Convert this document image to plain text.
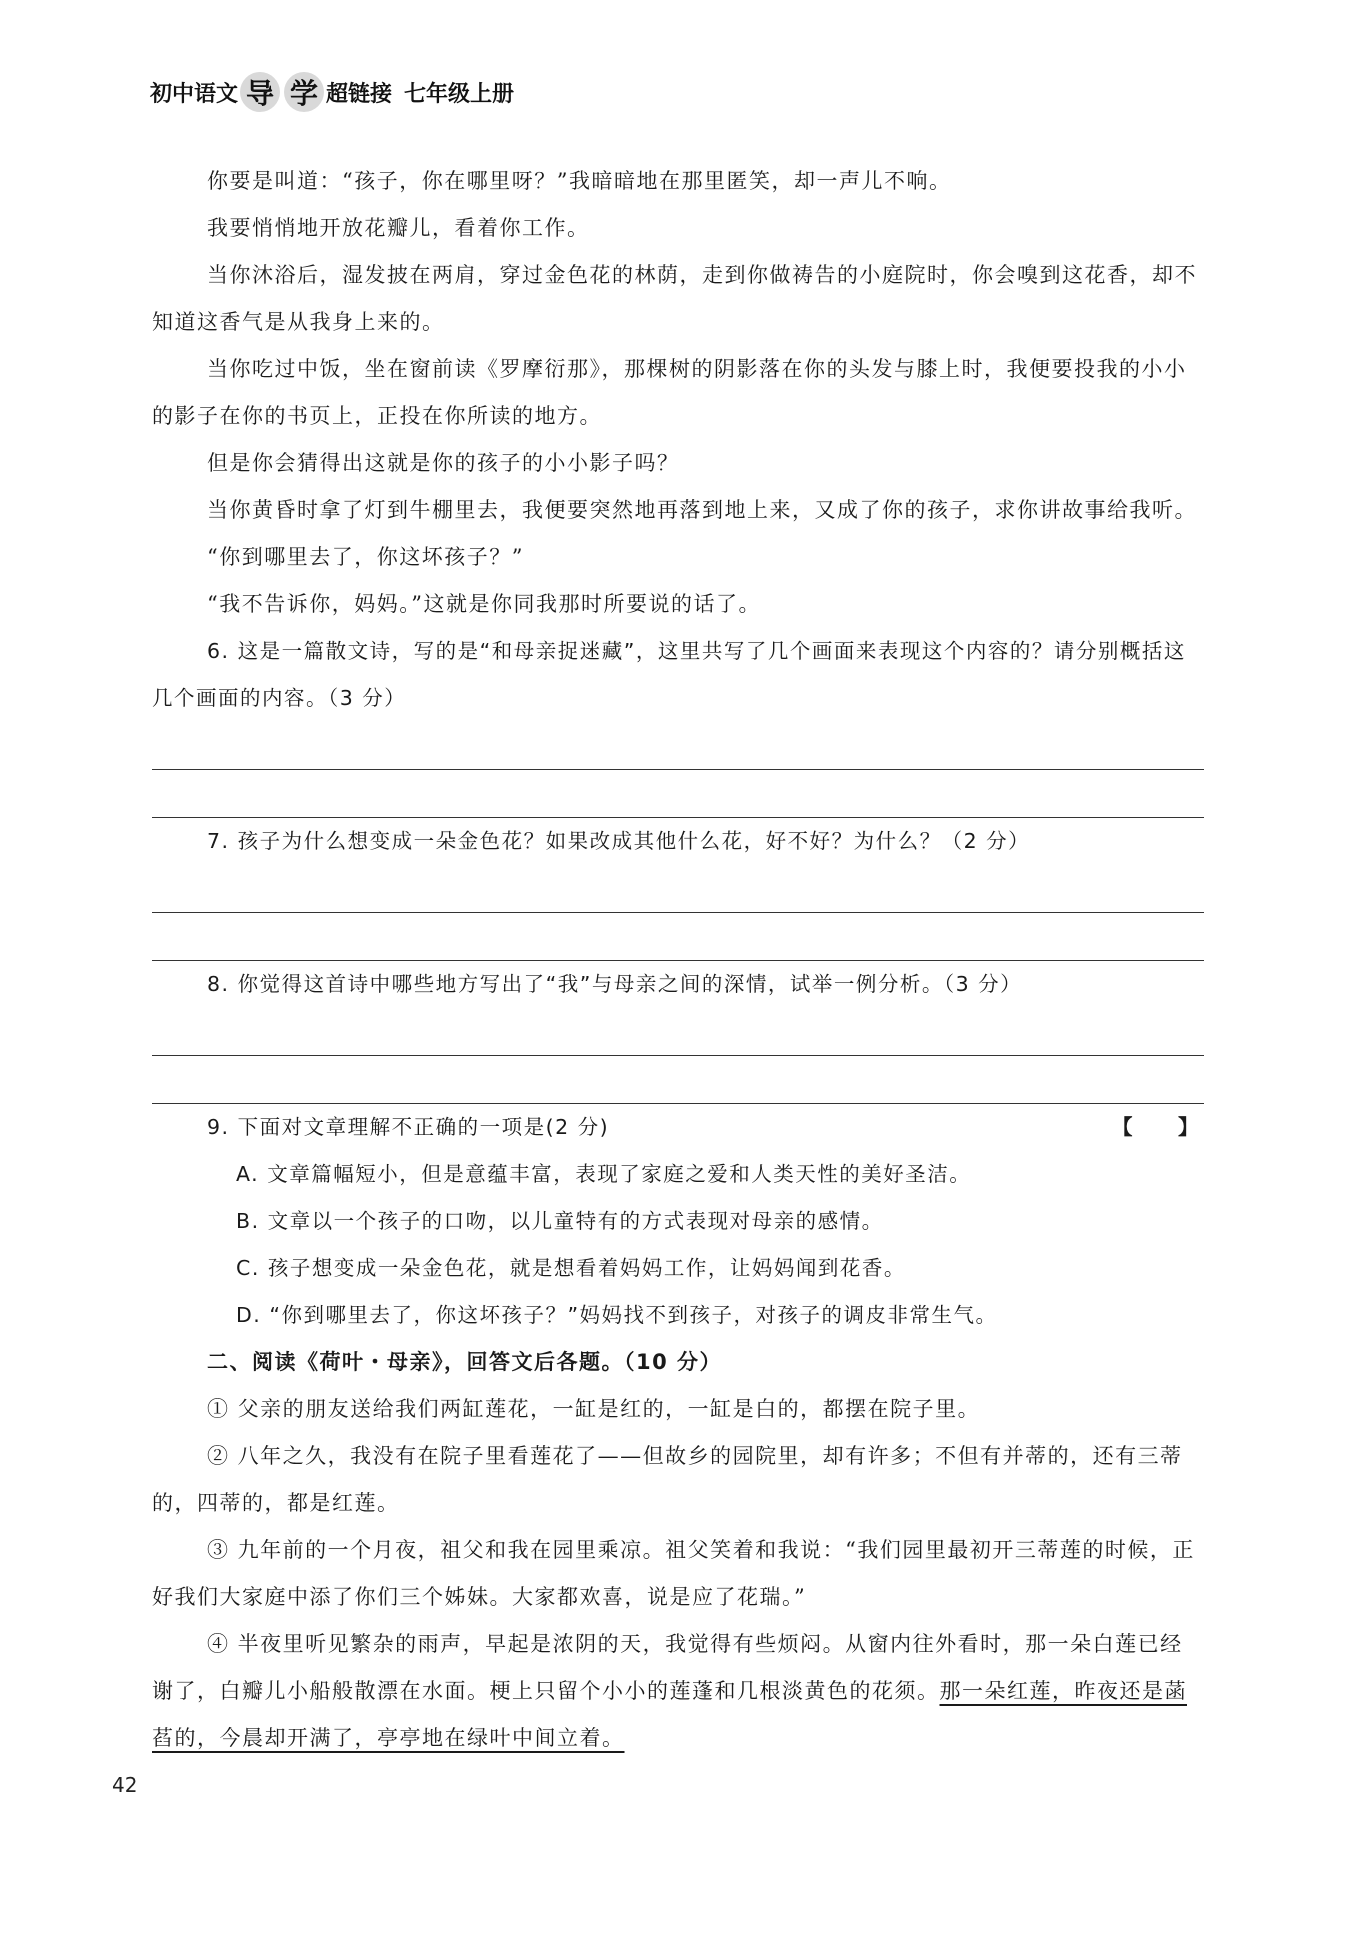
初中语文 导 学 超链接 七年级上册

你要是叫道：“孩子，你在哪里呀？”我暗暗地在那里匿笑，却一声儿不响。

我要悄悄地开放花瓣儿，看着你工作。

当你沐浴后，湿发披在两肩，穿过金色花的林荫，走到你做祷告的小庭院时，你会嗅到这花香，却不知道这香气是从我身上来的。

当你吃过中饭，坐在窗前读《罗摩衍那》，那棵树的阴影落在你的头发与膝上时，我便要投我的小小的影子在你的书页上，正投在你所读的地方。

但是你会猜得出这就是你的孩子的小小影子吗？

当你黄昏时拿了灯到牛棚里去，我便要突然地再落到地上来，又成了你的孩子，求你讲故事给我听。

“你到哪里去了，你这坏孩子？”

“我不告诉你，妈妈。”这就是你同我那时所要说的话了。

6. 这是一篇散文诗，写的是“和母亲捉迷藏”，这里共写了几个画面来表现这个内容的？请分别概括这几个画面的内容。（3 分）

7. 孩子为什么想变成一朵金色花？如果改成其他什么花，好不好？为什么？（2 分）

8. 你觉得这首诗中哪些地方写出了“我”与母亲之间的深情，试举一例分析。（3 分）

9. 下面对文章理解不正确的一项是(2 分)	【　　】

A. 文章篇幅短小，但是意蕴丰富，表现了家庭之爱和人类天性的美好圣洁。

B. 文章以一个孩子的口吻，以儿童特有的方式表现对母亲的感情。

C. 孩子想变成一朵金色花，就是想看着妈妈工作，让妈妈闻到花香。

D. “你到哪里去了，你这坏孩子？”妈妈找不到孩子，对孩子的调皮非常生气。

二、阅读《荷叶・母亲》，回答文后各题。（10 分）

① 父亲的朋友送给我们两缸莲花，一缸是红的，一缸是白的，都摆在院子里。

② 八年之久，我没有在院子里看莲花了——但故乡的园院里，却有许多；不但有并蒂的，还有三蒂的，四蒂的，都是红莲。

③ 九年前的一个月夜，祖父和我在园里乘凉。祖父笑着和我说：“我们园里最初开三蒂莲的时候，正好我们大家庭中添了你们三个姊妹。大家都欢喜，说是应了花瑞。”

④ 半夜里听见繁杂的雨声，早起是浓阴的天，我觉得有些烦闷。从窗内往外看时，那一朵白莲已经谢了，白瓣儿小船般散漂在水面。梗上只留个小小的莲蓬和几根淡黄色的花须。那一朵红莲，昨夜还是菡萏的，今晨却开满了，亭亭地在绿叶中间立着。

42
